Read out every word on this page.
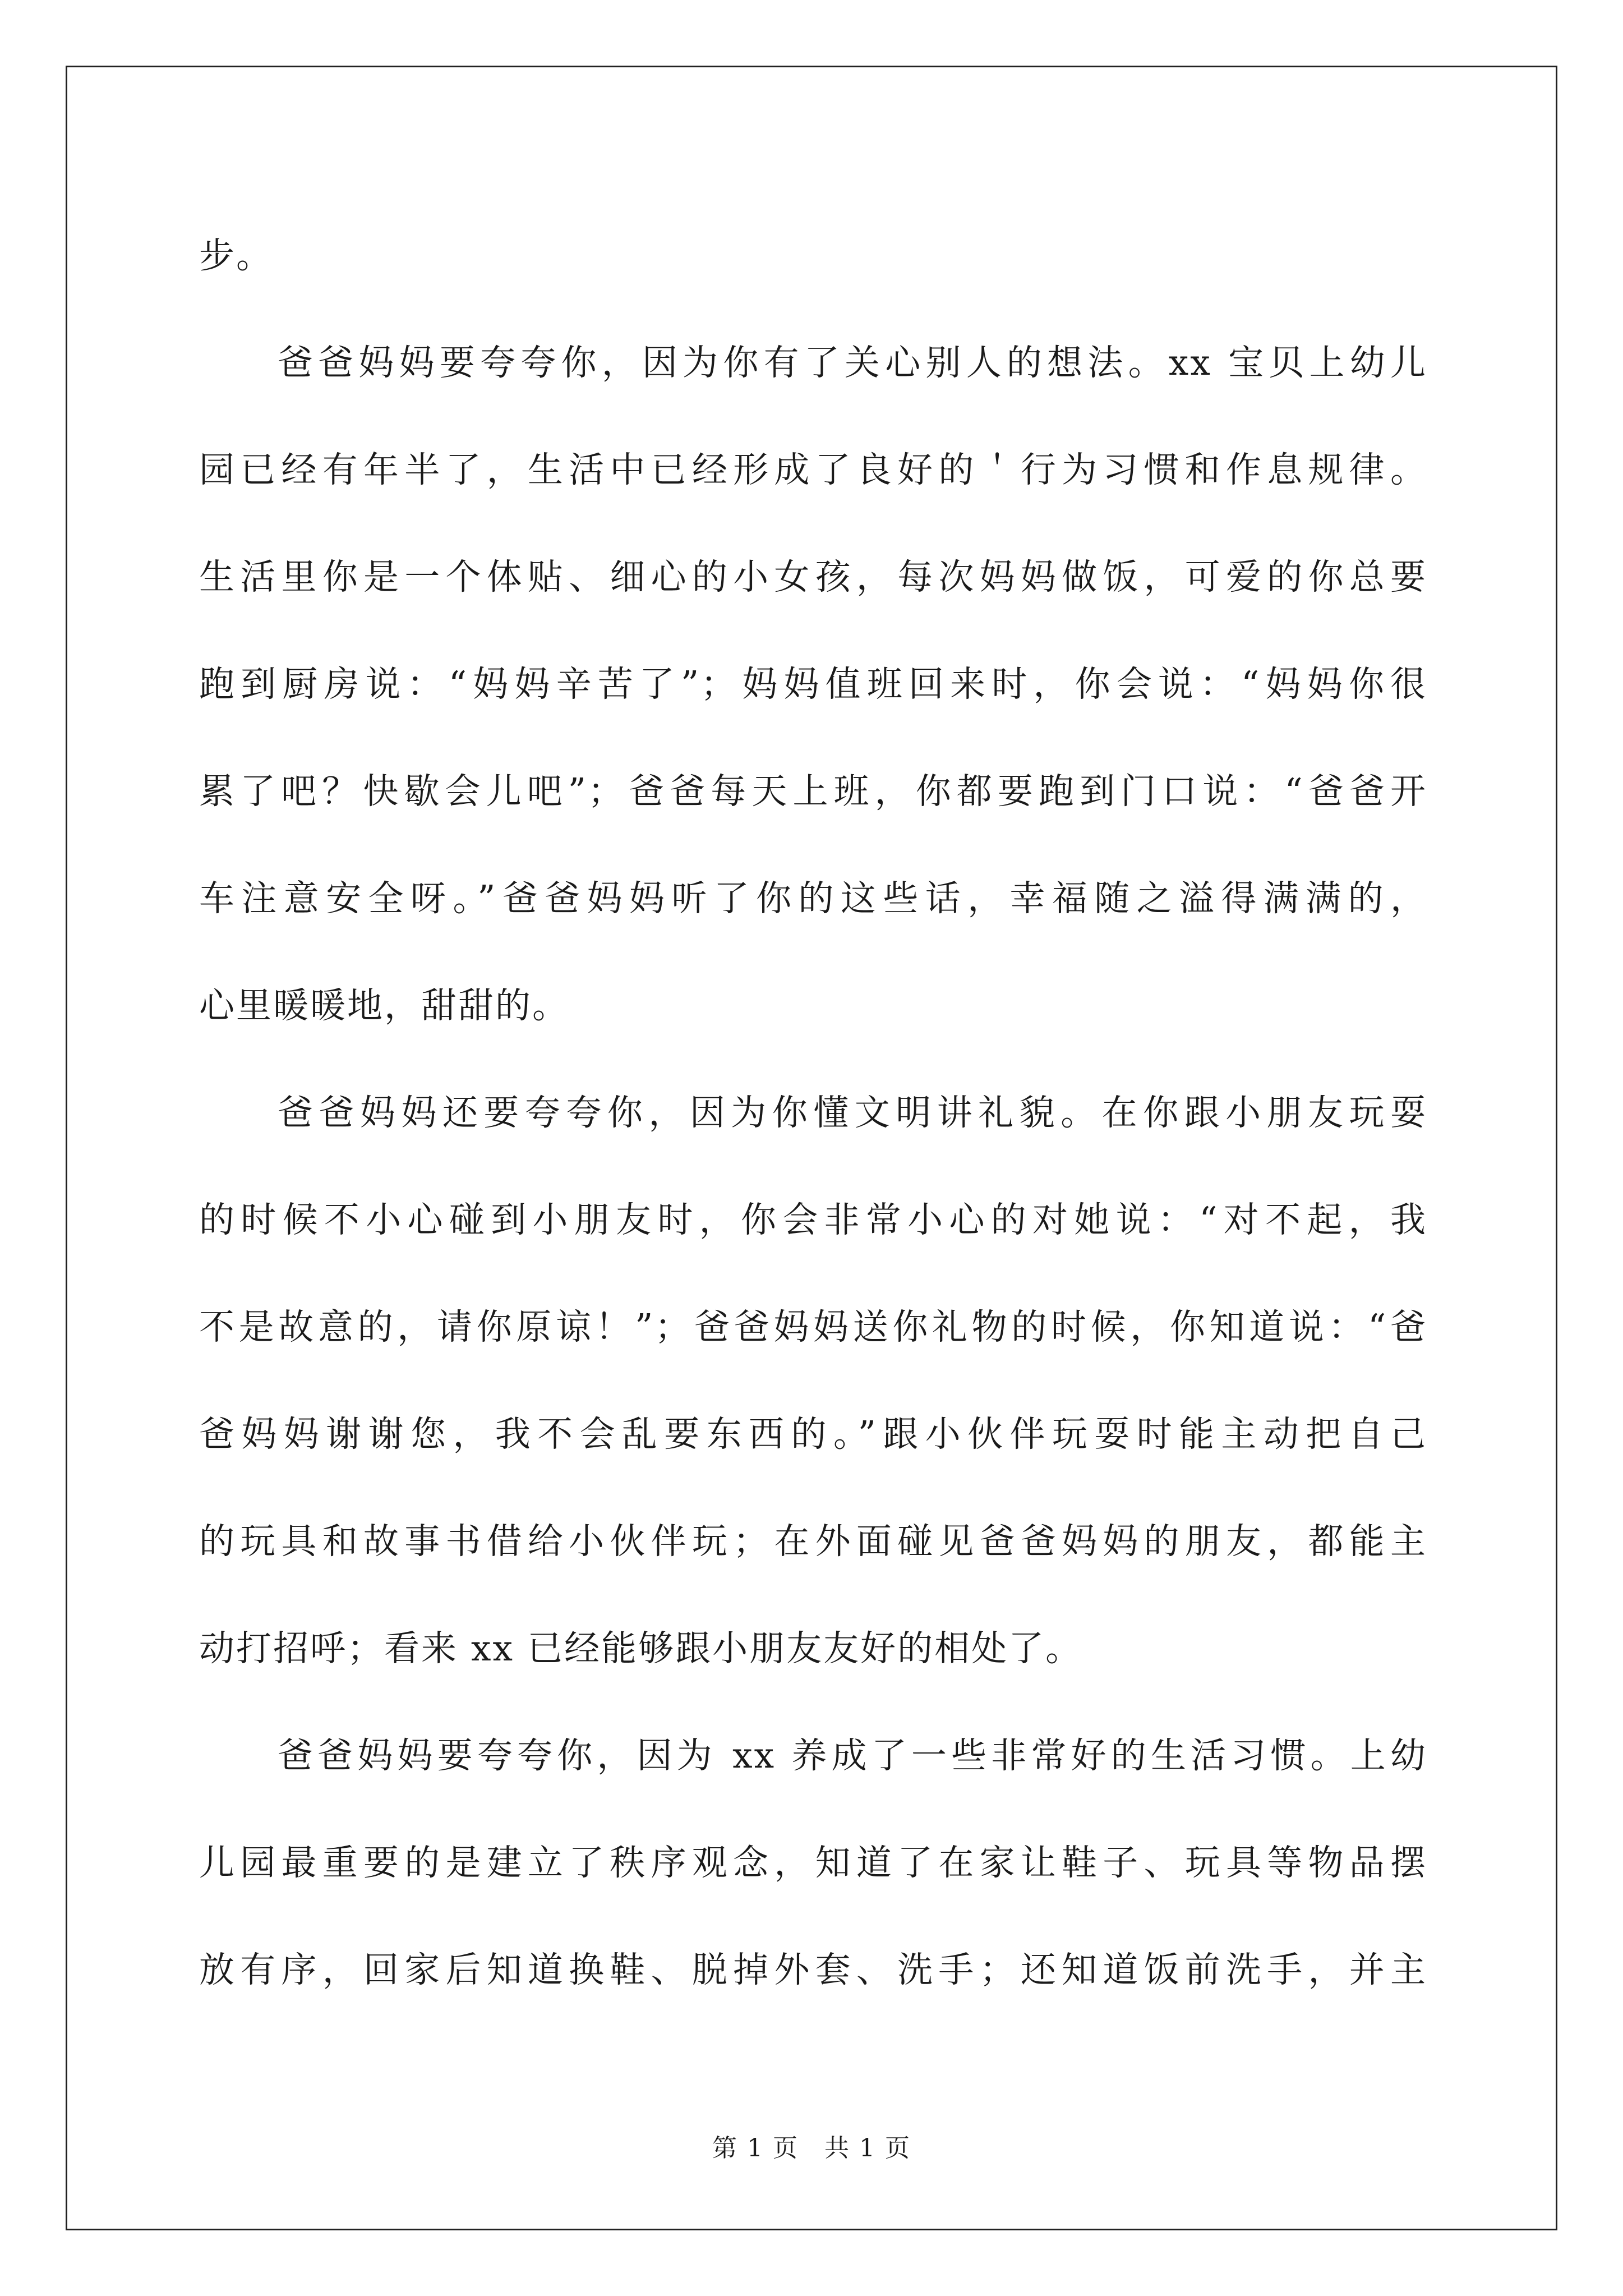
步。
爸爸妈妈要夸夸你，因为你有了关心别人的想法。xx 宝贝上幼儿
园已经有年半了，生活中已经形成了良好的＇行为习惯和作息规律。
生活里你是一个体贴、细心的小女孩，每次妈妈做饭，可爱的你总要
跑到厨房说：“妈妈辛苦了”；妈妈值班回来时，你会说：“妈妈你很
累了吧？快歇会儿吧”；爸爸每天上班，你都要跑到门口说：“爸爸开
车注意安全呀。”爸爸妈妈听了你的这些话，幸福随之溢得满满的，
心里暖暖地，甜甜的。
爸爸妈妈还要夸夸你，因为你懂文明讲礼貌。在你跟小朋友玩耍
的时候不小心碰到小朋友时，你会非常小心的对她说：“对不起，我
不是故意的，请你原谅！”；爸爸妈妈送你礼物的时候，你知道说：“爸
爸妈妈谢谢您，我不会乱要东西的。”跟小伙伴玩耍时能主动把自己
的玩具和故事书借给小伙伴玩；在外面碰见爸爸妈妈的朋友，都能主
动打招呼；看来 xx 已经能够跟小朋友友好的相处了。
爸爸妈妈要夸夸你，因为 xx 养成了一些非常好的生活习惯。上幼
儿园最重要的是建立了秩序观念，知道了在家让鞋子、玩具等物品摆
放有序，回家后知道换鞋、脱掉外套、洗手；还知道饭前洗手，并主
第 1 页　共 1 页
